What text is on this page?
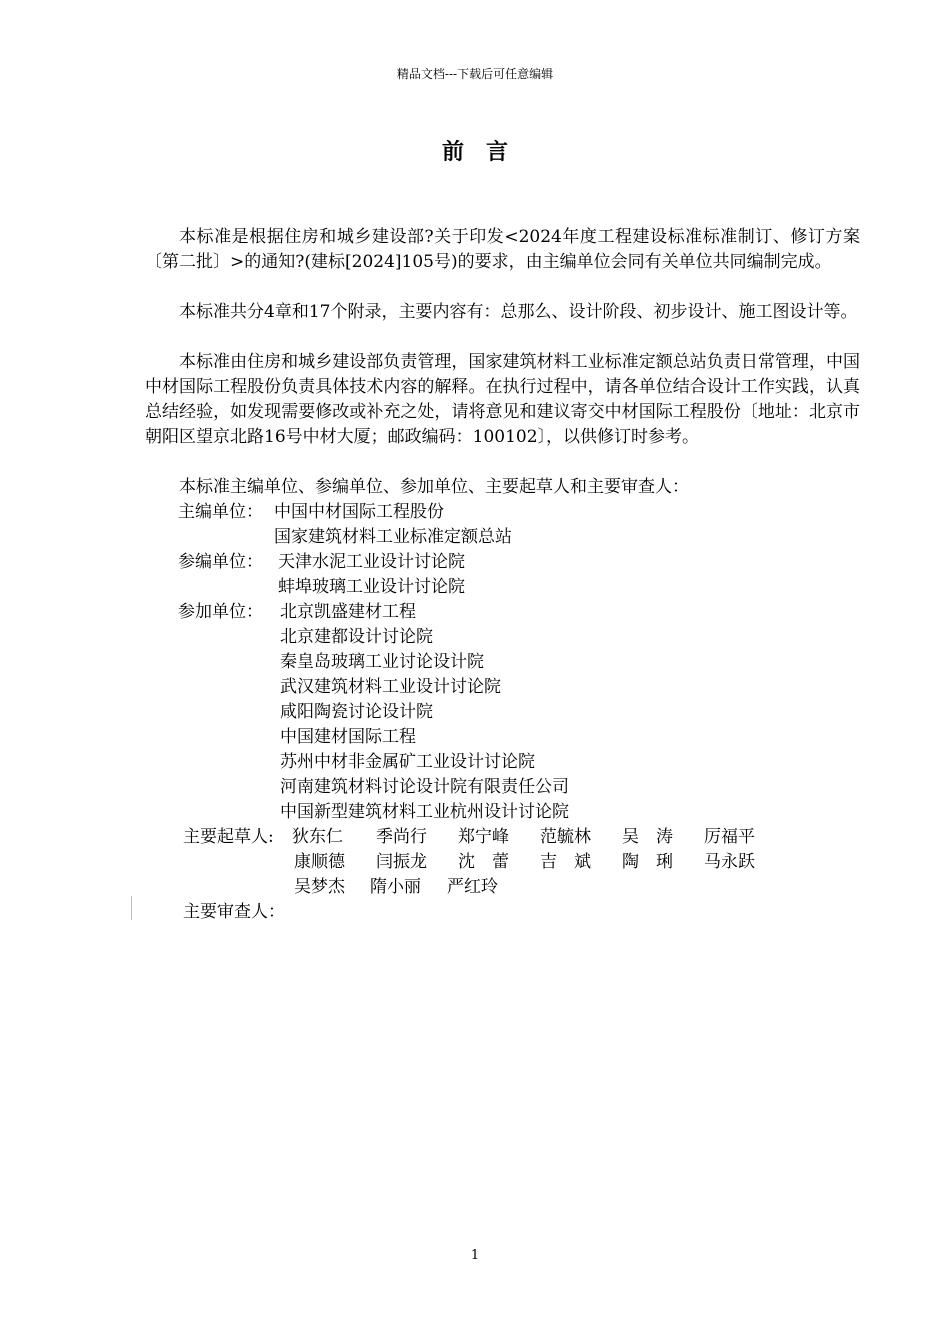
精品文档---下载后可任意编辑
前　言

本标准是根据住房和城乡建设部?关于印发<2024年度工程建设标准标准制订、修订方案〔第二批〕>的通知?(建标[2024]105号)的要求，由主编单位会同有关单位共同编制完成。

本标准共分4章和17个附录，主要内容有：总那么、设计阶段、初步设计、施工图设计等。

本标准由住房和城乡建设部负责管理，国家建筑材料工业标准定额总站负责日常管理，中国中材国际工程股份负责具体技术内容的解释。在执行过程中，请各单位结合设计工作实践，认真总结经验，如发现需要修改或补充之处，请将意见和建议寄交中材国际工程股份〔地址：北京市朝阳区望京北路16号中材大厦；邮政编码：100102〕，以供修订时参考。

本标准主编单位、参编单位、参加单位、主要起草人和主要审查人：

主编单位： 中国中材国际工程股份
国家建筑材料工业标准定额总站
参编单位： 天津水泥工业设计讨论院
蚌埠玻璃工业设计讨论院
参加单位： 北京凯盛建材工程
北京建都设计讨论院
秦皇岛玻璃工业讨论设计院
武汉建筑材料工业设计讨论院
咸阳陶瓷讨论设计院
中国建材国际工程
苏州中材非金属矿工业设计讨论院
河南建筑材料讨论设计院有限责任公司
中国新型建筑材料工业杭州设计讨论院
主要起草人: 狄东仁 季尚行 郑宁峰 范毓林 吴　涛 厉福平
康顺德 闫振龙 沈　蕾 吉　斌 陶　琍 马永跃
吴梦杰 隋小丽 严红玲
主要审查人：
1
